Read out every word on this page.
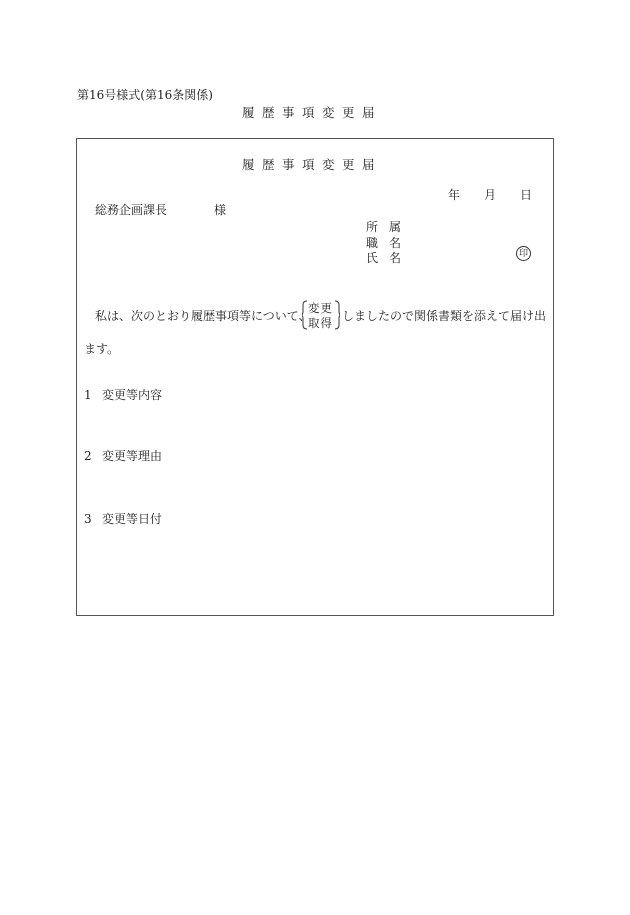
第16号様式(第16条関係)
履歴事項変更届
履歴事項変更届
年 月 日
総務企画課長	様
所属
職名
氏名	印
私は、次のとおり履歴事項等について、
変更
取得 しましたので関係書類を添えて届け出
ます。
1 変更等内容
2 変更等理由
3 変更等日付
